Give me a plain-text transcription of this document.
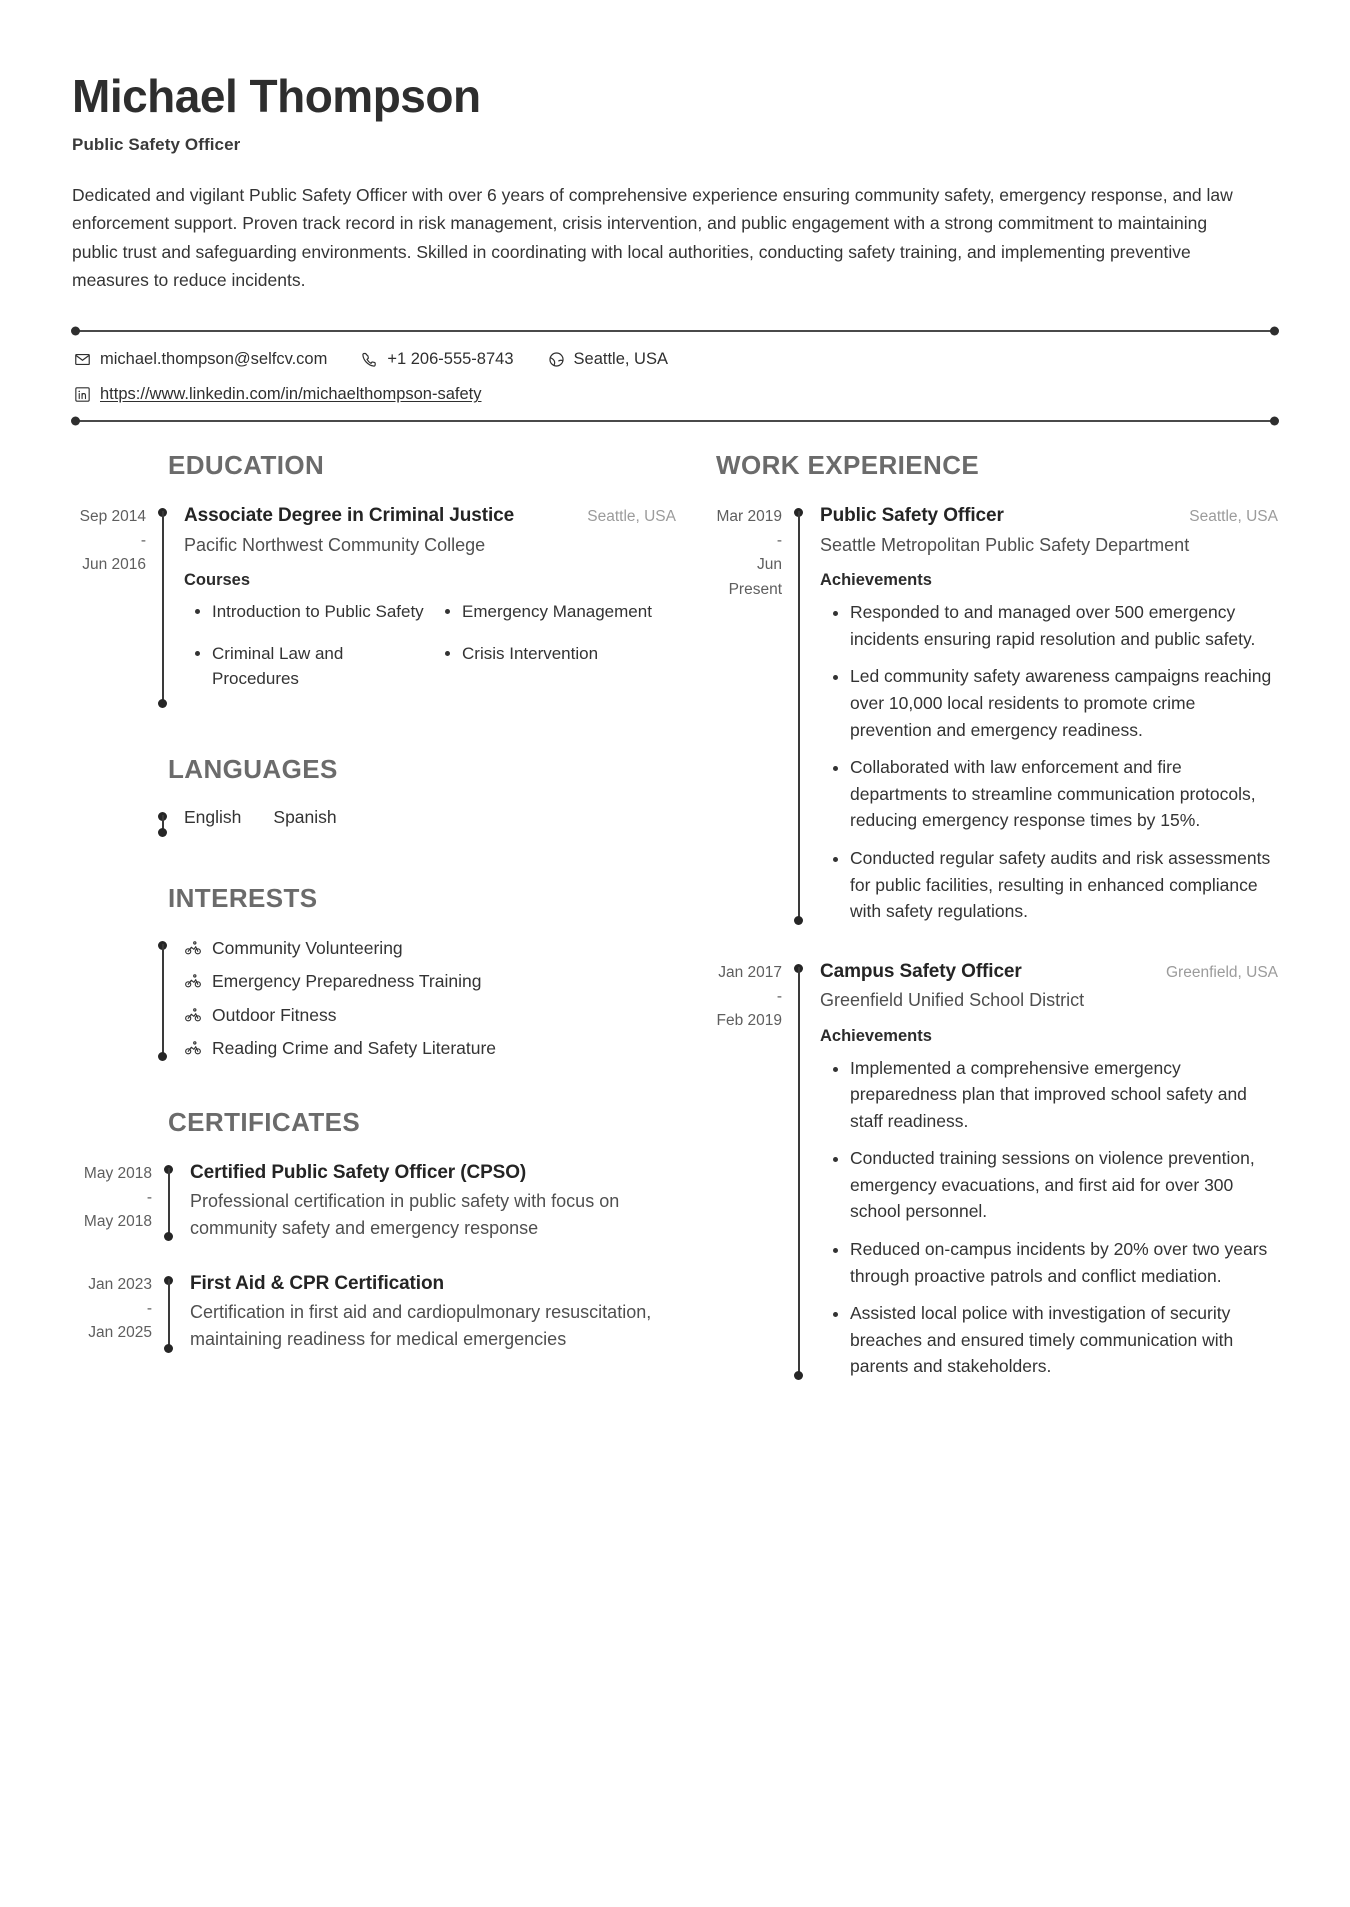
Michael Thompson
Public Safety Officer

Dedicated and vigilant Public Safety Officer with over 6 years of comprehensive experience ensuring community safety, emergency response, and law enforcement support. Proven track record in risk management, crisis intervention, and public engagement with a strong commitment to maintaining public trust and safeguarding environments. Skilled in coordinating with local authorities, conducting safety training, and implementing preventive measures to reduce incidents.

michael.thompson@selfcv.com	+1 206-555-8743	Seattle, USA
https://www.linkedin.com/in/michaelthompson-safety
EDUCATION
Sep 2014
-
Jun 2016
Associate Degree in Criminal Justice	Seattle, USA
Pacific Northwest Community College
Courses
• Introduction to Public Safety
• Criminal Law and Procedures
• Emergency Management
• Crisis Intervention
LANGUAGES
English Spanish
INTERESTS
Community Volunteering
Emergency Preparedness Training
Outdoor Fitness
Reading Crime and Safety Literature
CERTIFICATES
May 2018
-
May 2018
Certified Public Safety Officer (CPSO)
Professional certification in public safety with focus on community safety and emergency response
Jan 2023
-
Jan 2025
First Aid & CPR Certification
Certification in first aid and cardiopulmonary resuscitation, maintaining readiness for medical emergencies
WORK EXPERIENCE
Mar 2019
-
Jun
Present
Public Safety Officer	Seattle, USA
Seattle Metropolitan Public Safety Department
Achievements
• Responded to and managed over 500 emergency incidents ensuring rapid resolution and public safety.
• Led community safety awareness campaigns reaching over 10,000 local residents to promote crime prevention and emergency readiness.
• Collaborated with law enforcement and fire departments to streamline communication protocols, reducing emergency response times by 15%.
• Conducted regular safety audits and risk assessments for public facilities, resulting in enhanced compliance with safety regulations.
Jan 2017
-
Feb 2019
Campus Safety Officer	Greenfield, USA
Greenfield Unified School District
Achievements
• Implemented a comprehensive emergency preparedness plan that improved school safety and staff readiness.
• Conducted training sessions on violence prevention, emergency evacuations, and first aid for over 300 school personnel.
• Reduced on-campus incidents by 20% over two years through proactive patrols and conflict mediation.
• Assisted local police with investigation of security breaches and ensured timely communication with parents and stakeholders.
